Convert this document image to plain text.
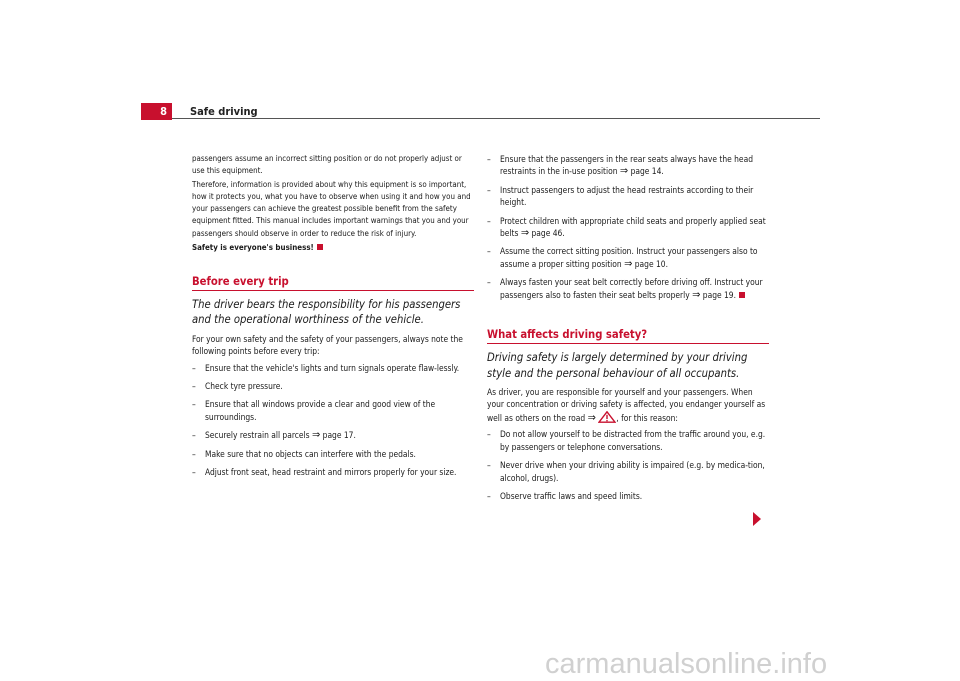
8	Safe driving

passengers assume an incorrect sitting position or do not properly adjust or use this equipment.

Therefore, information is provided about why this equipment is so important, how it protects you, what you have to observe when using it and how you and your passengers can achieve the greatest possible benefit from the safety equipment fitted. This manual includes important warnings that you and your passengers should observe in order to reduce the risk of injury.

Safety is everyone's business!

Before every trip

The driver bears the responsibility for his passengers and the operational worthiness of the vehicle.

For your own safety and the safety of your passengers, always note the following points before every trip:

– Ensure that the vehicle's lights and turn signals operate flaw-lessly.
– Check tyre pressure.
– Ensure that all windows provide a clear and good view of the surroundings.
– Securely restrain all parcels ⇒ page 17.
– Make sure that no objects can interfere with the pedals.
– Adjust front seat, head restraint and mirrors properly for your size.
– Ensure that the passengers in the rear seats always have the head restraints in the in-use position ⇒ page 14.
– Instruct passengers to adjust the head restraints according to their height.
– Protect children with appropriate child seats and properly applied seat belts ⇒ page 46.
– Assume the correct sitting position. Instruct your passengers also to assume a proper sitting position ⇒ page 10.
– Always fasten your seat belt correctly before driving off. Instruct your passengers also to fasten their seat belts properly ⇒ page 19.
What affects driving safety?

Driving safety is largely determined by your driving style and the personal behaviour of all occupants.

As driver, you are responsible for yourself and your passengers. When your concentration or driving safety is affected, you endanger yourself as well as others on the road ⇒ , for this reason:

– Do not allow yourself to be distracted from the traffic around you, e.g. by passengers or telephone conversations.
– Never drive when your driving ability is impaired (e.g. by medica-tion, alcohol, drugs).
– Observe traffic laws and speed limits.
carmanualsonline.info
